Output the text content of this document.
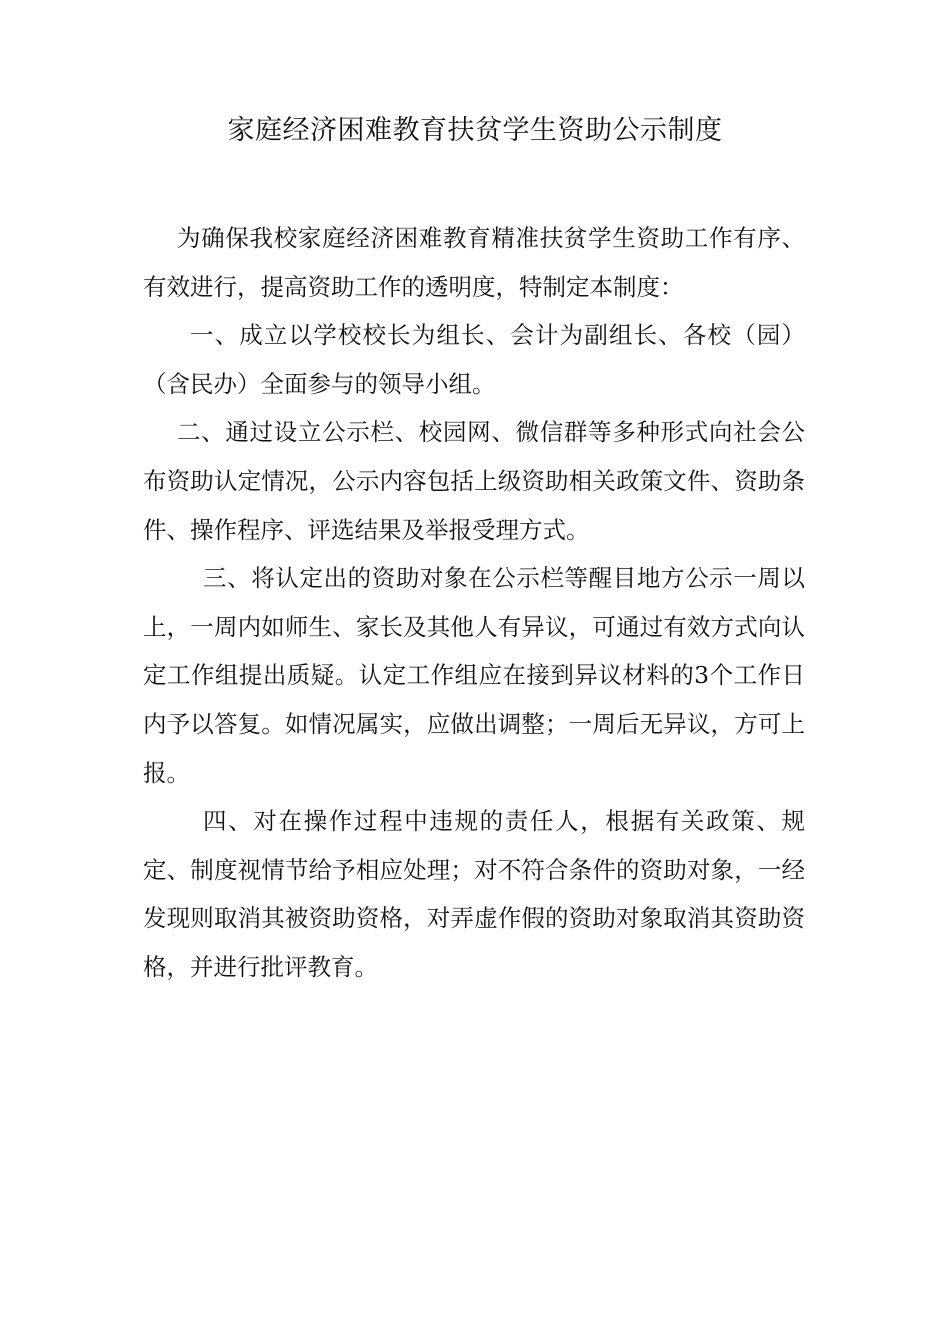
家庭经济困难教育扶贫学生资助公示制度

为确保我校家庭经济困难教育精准扶贫学生资助工作有序、有效进行，提高资助工作的透明度，特制定本制度：

一、成立以学校校长为组长、会计为副组长、各校（园）（含民办）全面参与的领导小组。

二、通过设立公示栏、校园网、微信群等多种形式向社会公布资助认定情况，公示内容包括上级资助相关政策文件、资助条件、操作程序、评选结果及举报受理方式。

三、将认定出的资助对象在公示栏等醒目地方公示一周以上，一周内如师生、家长及其他人有异议，可通过有效方式向认定工作组提出质疑。认定工作组应在接到异议材料的3个工作日内予以答复。如情况属实，应做出调整；一周后无异议，方可上报。

四、对在操作过程中违规的责任人，根据有关政策、规定、制度视情节给予相应处理；对不符合条件的资助对象，一经发现则取消其被资助资格，对弄虚作假的资助对象取消其资助资格，并进行批评教育。
